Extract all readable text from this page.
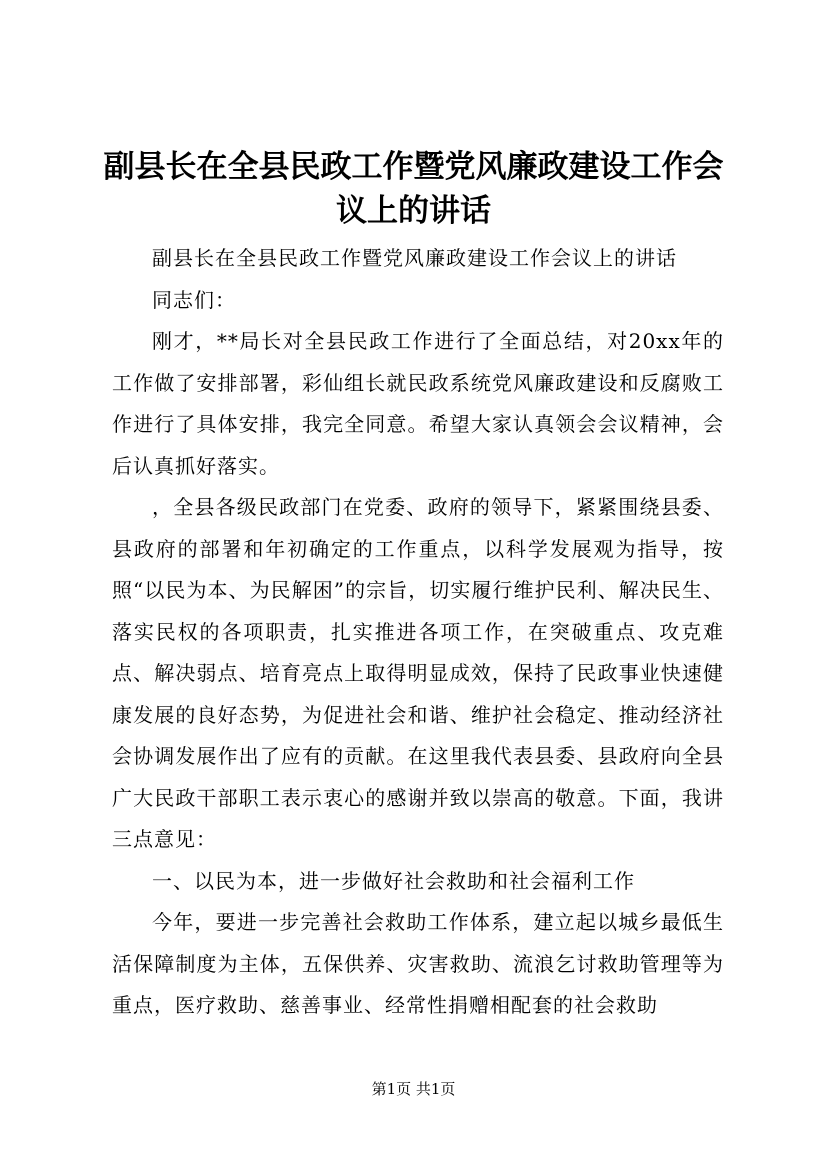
副县长在全县民政工作暨党风廉政建设工作会
议上的讲话

副县长在全县民政工作暨党风廉政建设工作会议上的讲话

同志们：

刚才，**局长对全县民政工作进行了全面总结，对20xx年的工作做了安排部署，彩仙组长就民政系统党风廉政建设和反腐败工作进行了具体安排，我完全同意。希望大家认真领会会议精神，会后认真抓好落实。

，全县各级民政部门在党委、政府的领导下，紧紧围绕县委、县政府的部署和年初确定的工作重点，以科学发展观为指导，按照“以民为本、为民解困”的宗旨，切实履行维护民利、解决民生、落实民权的各项职责，扎实推进各项工作，在突破重点、攻克难点、解决弱点、培育亮点上取得明显成效，保持了民政事业快速健康发展的良好态势，为促进社会和谐、维护社会稳定、推动经济社会协调发展作出了应有的贡献。在这里我代表县委、县政府向全县广大民政干部职工表示衷心的感谢并致以崇高的敬意。下面，我讲三点意见：

一、以民为本，进一步做好社会救助和社会福利工作

今年，要进一步完善社会救助工作体系，建立起以城乡最低生活保障制度为主体，五保供养、灾害救助、流浪乞讨救助管理等为重点，医疗救助、慈善事业、经常性捐赠相配套的社会救助

第1页 共1页
